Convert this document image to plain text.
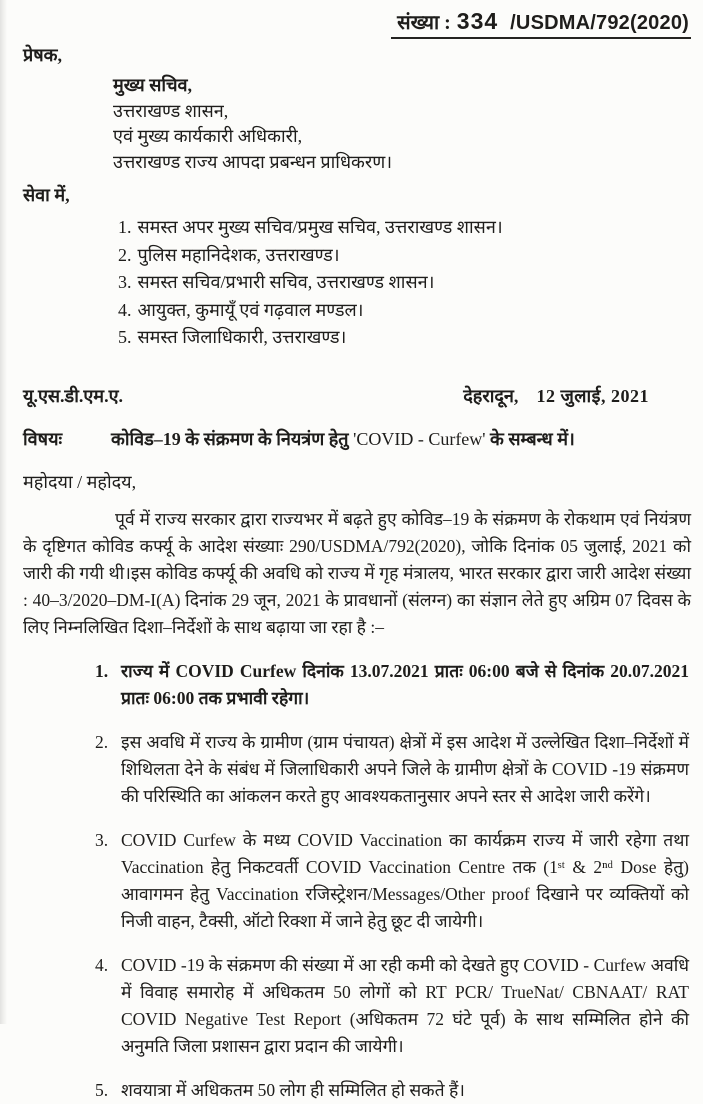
संख्या : 334 /USDMA/792(2020)
प्रेषक,
मुख्य सचिव,
उत्तराखण्ड शासन,
एवं मुख्य कार्यकारी अधिकारी,
उत्तराखण्ड राज्य आपदा प्रबन्धन प्राधिकरण।
सेवा में,
1. समस्त अपर मुख्य सचिव/प्रमुख सचिव, उत्तराखण्ड शासन।
2. पुलिस महानिदेशक, उत्तराखण्ड।
3. समस्त सचिव/प्रभारी सचिव, उत्तराखण्ड शासन।
4. आयुक्त, कुमायूँ एवं गढ़वाल मण्डल।
5. समस्त जिलाधिकारी, उत्तराखण्ड।
यू.एस.डी.एम.ए.	देहरादून, 12 जुलाई, 2021
विषयः	कोविड–19 के संक्रमण के नियत्रंण हेतु 'COVID - Curfew' के सम्बन्ध में।
महोदया / महोदय,

पूर्व में राज्य सरकार द्वारा राज्यभर में बढ़ते हुए कोविड–19 के संक्रमण के रोकथाम एवं नियंत्रण के दृष्टिगत कोविड कर्फ्यू के आदेश संख्याः 290/USDMA/792(2020), जोकि दिनांक 05 जुलाई, 2021 को जारी की गयी थी।इस कोविड कर्फ्यू की अवधि को राज्य में गृह मंत्रालय, भारत सरकार द्वारा जारी आदेश संख्या : 40–3/2020–DM-I(A) दिनांक 29 जून, 2021 के प्रावधानों (संलग्न) का संज्ञान लेते हुए अग्रिम 07 दिवस के लिए निम्नलिखित दिशा–निर्देशों के साथ बढ़ाया जा रहा है :–

1. राज्य में COVID Curfew दिनांक 13.07.2021 प्रातः 06:00 बजे से दिनांक 20.07.2021 प्रातः 06:00 तक प्रभावी रहेगा।
2. इस अवधि में राज्य के ग्रामीण (ग्राम पंचायत) क्षेत्रों में इस आदेश में उल्लेखित दिशा–निर्देशों में शिथिलता देने के संबंध में जिलाधिकारी अपने जिले के ग्रामीण क्षेत्रों के COVID -19 संक्रमण की परिस्थिति का आंकलन करते हुए आवश्यकतानुसार अपने स्तर से आदेश जारी करेंगे।
3. COVID Curfew के मध्य COVID Vaccination का कार्यक्रम राज्य में जारी रहेगा तथा Vaccination हेतु निकटवर्ती COVID Vaccination Centre तक (1ˢᵗ & 2ⁿᵈ Dose हेतु) आवागमन हेतु Vaccination रजिस्ट्रेशन/Messages/Other proof दिखाने पर व्यक्तियों को निजी वाहन, टैक्सी, ऑटो रिक्शा में जाने हेतु छूट दी जायेगी।
4. COVID -19 के संक्रमण की संख्या में आ रही कमी को देखते हुए COVID - Curfew अवधि में विवाह समारोह में अधिकतम 50 लोगों को RT PCR/ TrueNat/ CBNAAT/ RAT COVID Negative Test Report (अधिकतम 72 घंटे पूर्व) के साथ सम्मिलित होने की अनुमति जिला प्रशासन द्वारा प्रदान की जायेगी।
5. शवयात्रा में अधिकतम 50 लोग ही सम्मिलित हो सकते हैं।
